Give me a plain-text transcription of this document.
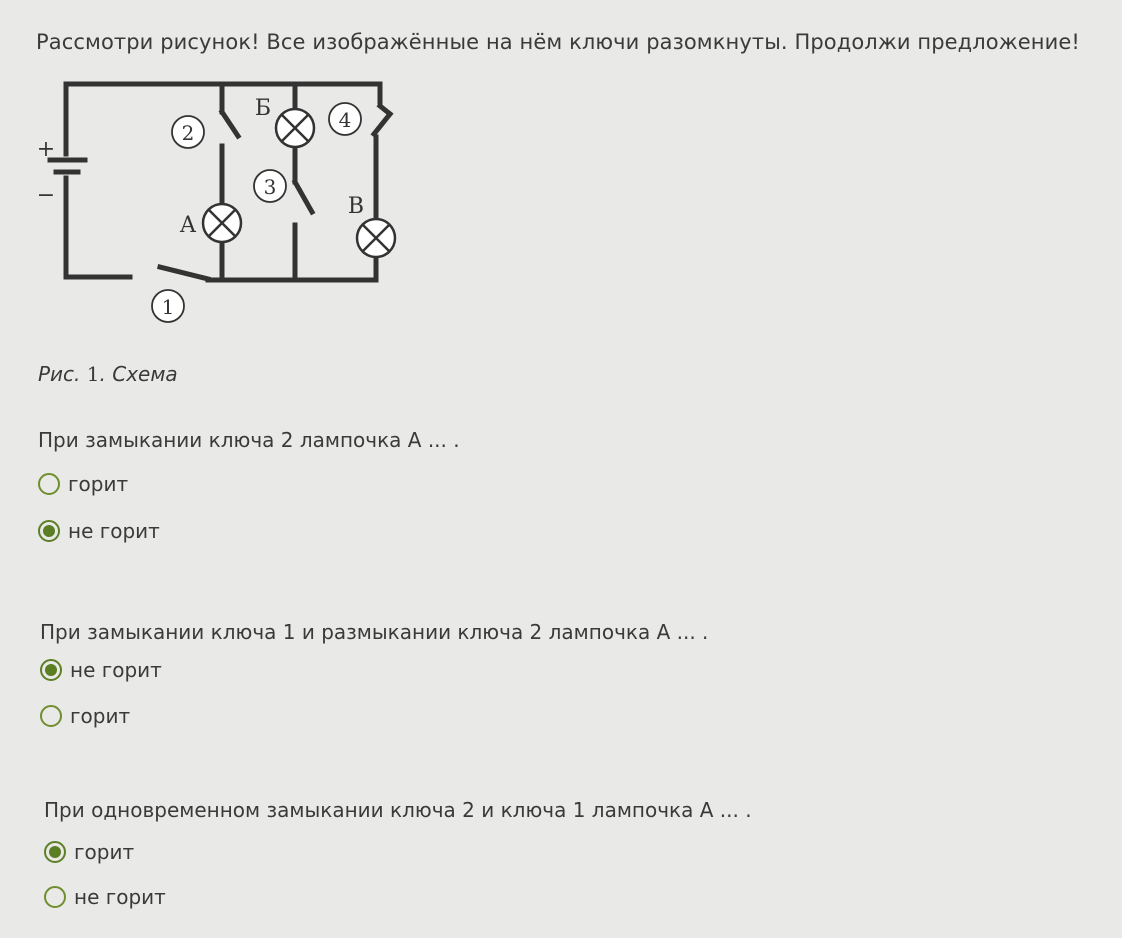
Рассмотри рисунок! Все изображённые на нём ключи разомкнуты. Продолжи предложение!
+
−
2
3
4
1
А
Б
В
Рис. 1. Схема
При замыкании ключа 2 лампочка А ... .
горит
не горит
При замыкании ключа 1 и размыкании ключа 2 лампочка А ... .
не горит
горит
При одновременном замыкании ключа 2 и ключа 1 лампочка А ... .
горит
не горит
